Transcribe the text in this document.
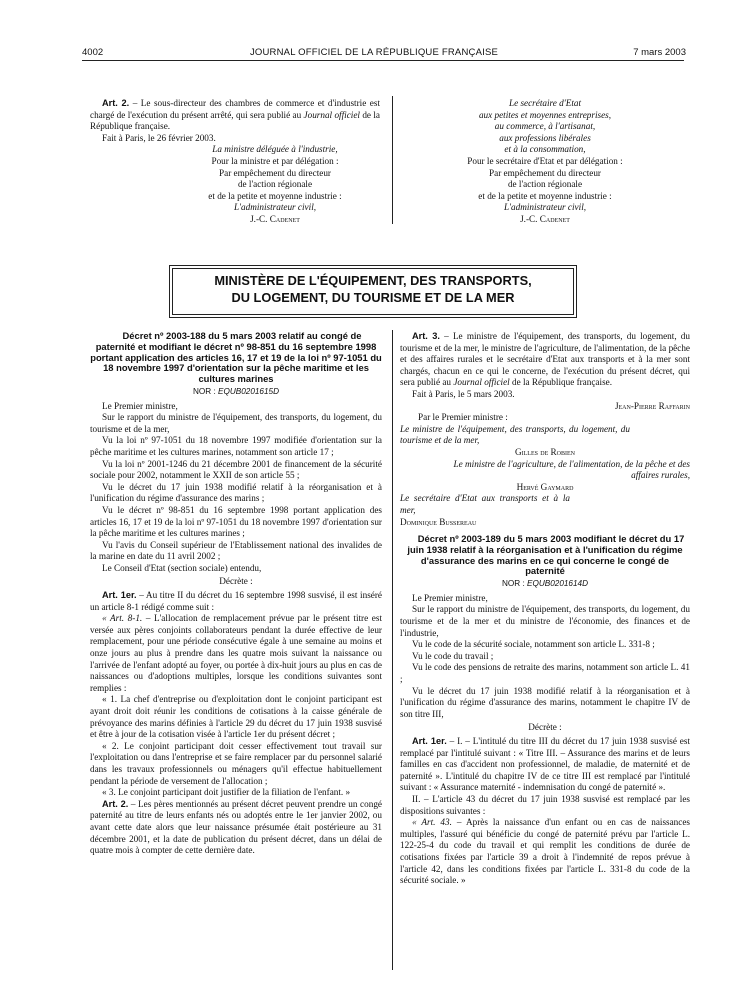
4002	JOURNAL OFFICIEL DE LA RÉPUBLIQUE FRANÇAISE	7 mars 2003

Art. 2. – Le sous-directeur des chambres de commerce et d'industrie est chargé de l'exécution du présent arrêté, qui sera publié au Journal officiel de la République française.

Fait à Paris, le 26 février 2003.

La ministre déléguée à l'industrie,
Pour la ministre et par délégation :
Par empêchement du directeur
de l'action régionale
et de la petite et moyenne industrie :
L'administrateur civil,
J.-C. Cadenet
Le secrétaire d'Etat
aux petites et moyennes entreprises,
au commerce, à l'artisanat,
aux professions libérales
et à la consommation,
Pour le secrétaire d'Etat et par délégation :
Par empêchement du directeur
de l'action régionale
et de la petite et moyenne industrie :
L'administrateur civil,
J.-C. Cadenet
MINISTÈRE DE L'ÉQUIPEMENT, DES TRANSPORTS,
DU LOGEMENT, DU TOURISME ET DE LA MER

Décret nº 2003-188 du 5 mars 2003 relatif au congé de paternité et modifiant le décret nº 98-851 du 16 septembre 1998 portant application des articles 16, 17 et 19 de la loi nº 97-1051 du 18 novembre 1997 d'orientation sur la pêche maritime et les cultures marines

NOR : EQUB0201615D

Le Premier ministre,

Sur le rapport du ministre de l'équipement, des transports, du logement, du tourisme et de la mer,

Vu la loi nº 97-1051 du 18 novembre 1997 modifiée d'orientation sur la pêche maritime et les cultures marines, notamment son article 17 ;

Vu la loi nº 2001-1246 du 21 décembre 2001 de financement de la sécurité sociale pour 2002, notamment le XXII de son article 55 ;

Vu le décret du 17 juin 1938 modifié relatif à la réorganisation et à l'unification du régime d'assurance des marins ;

Vu le décret nº 98-851 du 16 septembre 1998 portant application des articles 16, 17 et 19 de la loi nº 97-1051 du 18 novembre 1997 d'orientation sur la pêche maritime et les cultures marines ;

Vu l'avis du Conseil supérieur de l'Etablissement national des invalides de la marine en date du 11 avril 2002 ;

Le Conseil d'Etat (section sociale) entendu,

Décrète :

Art. 1er. – Au titre II du décret du 16 septembre 1998 susvisé, il est inséré un article 8-1 rédigé comme suit :

« Art. 8-1. – L'allocation de remplacement prévue par le présent titre est versée aux pères conjoints collaborateurs pendant la durée effective de leur remplacement, pour une période consécutive égale à une semaine au moins et onze jours au plus à prendre dans les quatre mois suivant la naissance ou l'arrivée de l'enfant adopté au foyer, ou portée à dix-huit jours au plus en cas de naissances ou d'adoptions multiples, lorsque les conditions suivantes sont remplies :

« 1. La chef d'entreprise ou d'exploitation dont le conjoint participant est ayant droit doit réunir les conditions de cotisations à la caisse générale de prévoyance des marins définies à l'article 29 du décret du 17 juin 1938 susvisé et être à jour de la cotisation visée à l'article 1er du présent décret ;

« 2. Le conjoint participant doit cesser effectivement tout travail sur l'exploitation ou dans l'entreprise et se faire remplacer par du personnel salarié dans les travaux professionnels ou ménagers qu'il effectue habituellement pendant la période de versement de l'allocation ;

« 3. Le conjoint participant doit justifier de la filiation de l'enfant. »

Art. 2. – Les pères mentionnés au présent décret peuvent prendre un congé paternité au titre de leurs enfants nés ou adoptés entre le 1er janvier 2002, ou avant cette date alors que leur naissance présumée était postérieure au 31 décembre 2001, et la date de publication du présent décret, dans un délai de quatre mois à compter de cette dernière date.

Art. 3. – Le ministre de l'équipement, des transports, du logement, du tourisme et de la mer, le ministre de l'agriculture, de l'alimentation, de la pêche et des affaires rurales et le secrétaire d'Etat aux transports et à la mer sont chargés, chacun en ce qui le concerne, de l'exécution du présent décret, qui sera publié au Journal officiel de la République française.

Fait à Paris, le 5 mars 2003.

Jean-Pierre Raffarin
Par le Premier ministre :
Le ministre de l'équipement, des transports, du logement, du tourisme et de la mer,
Gilles de Robien
Le ministre de l'agriculture, de l'alimentation, de la pêche et des affaires rurales,
Hervé Gaymard
Le secrétaire d'Etat aux transports et à la mer,
Dominique Bussereau

Décret nº 2003-189 du 5 mars 2003 modifiant le décret du 17 juin 1938 relatif à la réorganisation et à l'unification du régime d'assurance des marins en ce qui concerne le congé de paternité

NOR : EQUB0201614D

Le Premier ministre,

Sur le rapport du ministre de l'équipement, des transports, du logement, du tourisme et de la mer et du ministre de l'économie, des finances et de l'industrie,

Vu le code de la sécurité sociale, notamment son article L. 331-8 ;

Vu le code du travail ;

Vu le code des pensions de retraite des marins, notamment son article L. 41 ;

Vu le décret du 17 juin 1938 modifié relatif à la réorganisation et à l'unification du régime d'assurance des marins, notamment le chapitre IV de son titre III,

Décrète :

Art. 1er. – I. – L'intitulé du titre III du décret du 17 juin 1938 susvisé est remplacé par l'intitulé suivant : « Titre III. – Assurance des marins et de leurs familles en cas d'accident non professionnel, de maladie, de maternité et de paternité ». L'intitulé du chapitre IV de ce titre III est remplacé par l'intitulé suivant : « Assurance maternité - indemnisation du congé de paternité ».

II. – L'article 43 du décret du 17 juin 1938 susvisé est remplacé par les dispositions suivantes :

« Art. 43. – Après la naissance d'un enfant ou en cas de naissances multiples, l'assuré qui bénéficie du congé de paternité prévu par l'article L. 122-25-4 du code du travail et qui remplit les conditions de durée de cotisations fixées par l'article 39 a droit à l'indemnité de repos prévue à l'article 42, dans les conditions fixées par l'article L. 331-8 du code de la sécurité sociale. »
